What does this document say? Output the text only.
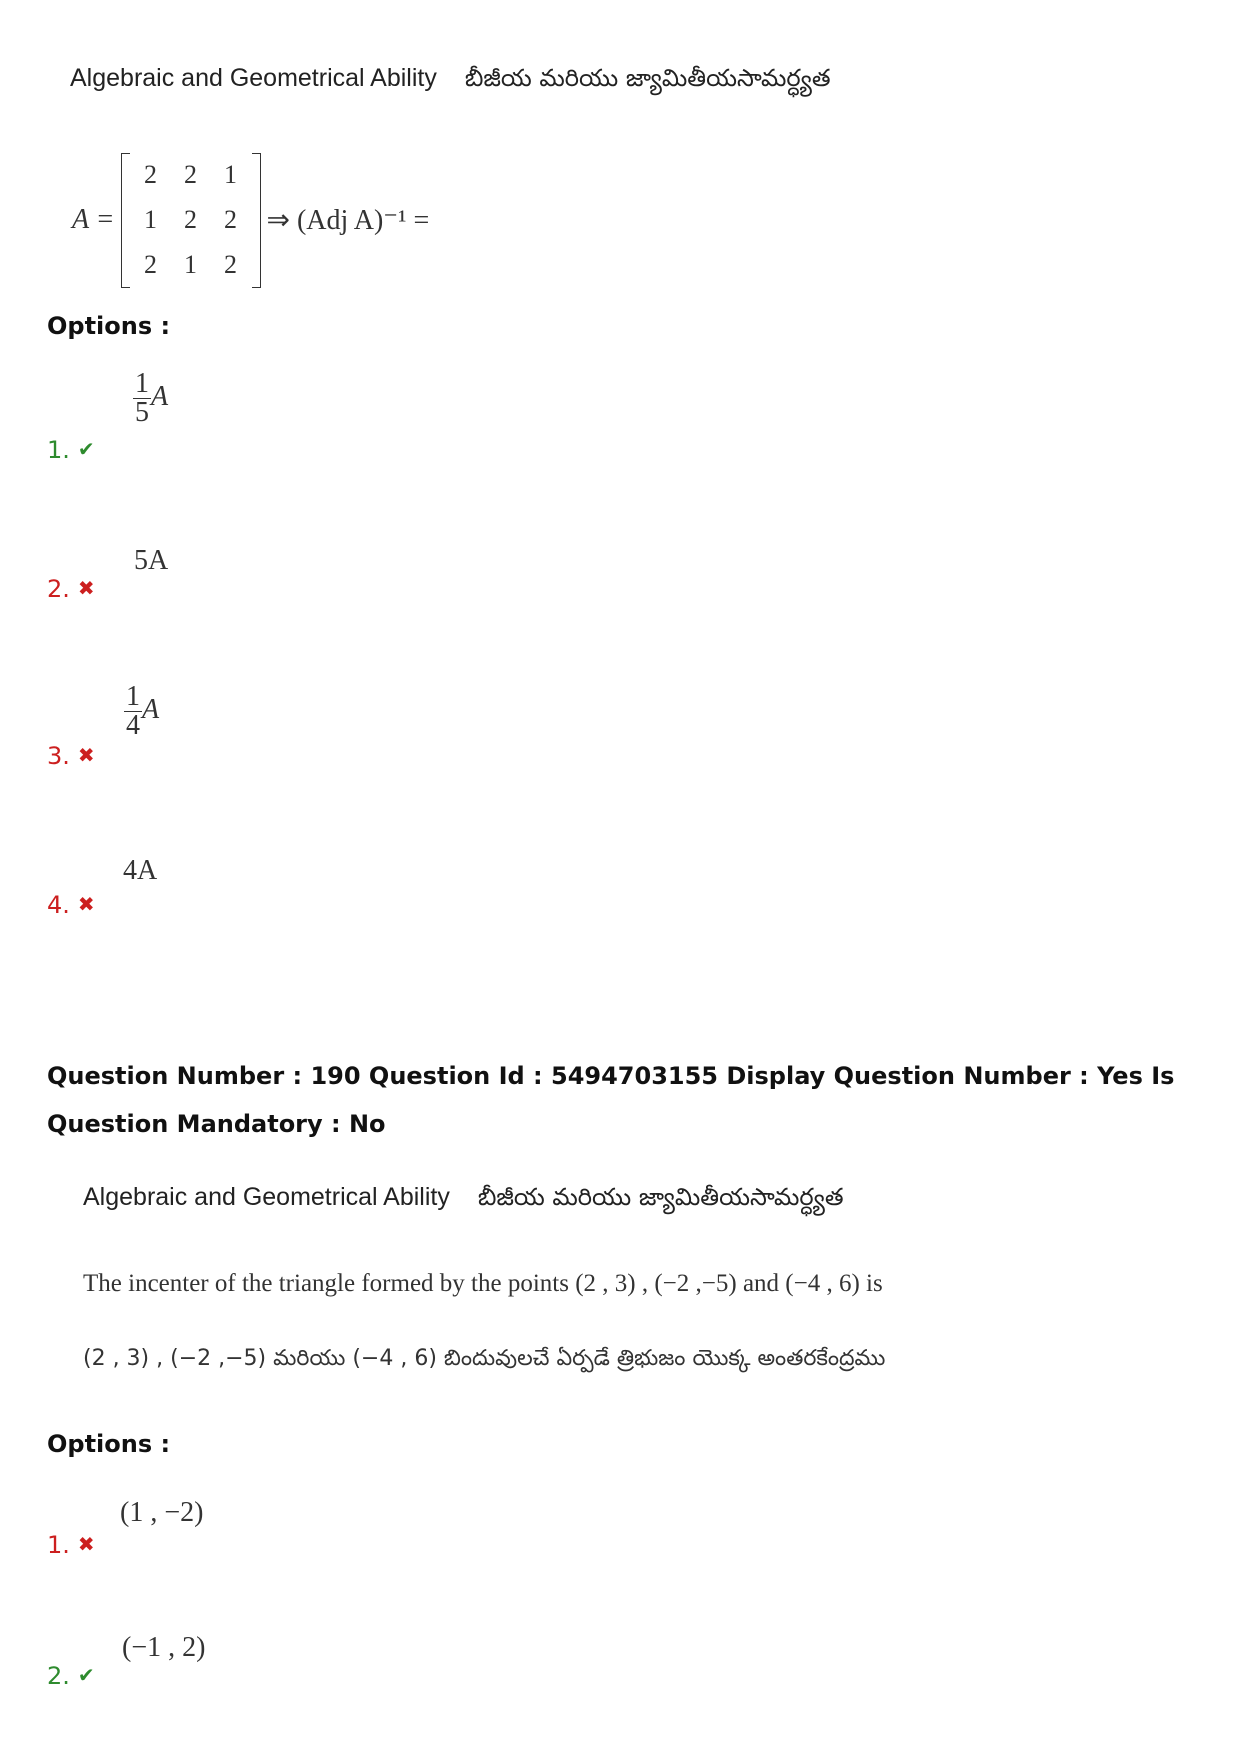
Algebraic and Geometrical Ability బీజీయ మరియు జ్యామితీయసామర్ధ్యత
A =
2	2	1
1	2	2
2	1	2
⇒ (Adj A)⁻¹ =
Options :
1. ✔
$\frac{1}{5}$ A
2. ✖
5A
3. ✖
$\frac{1}{4}$ A
4. ✖
4A
Question Number : 190 Question Id : 5494703155 Display Question Number : Yes Is Question Mandatory : No
Algebraic and Geometrical Ability బీజీయ మరియు జ్యామితీయసామర్ధ్యత
The incenter of the triangle formed by the points (2 , 3) , (−2 ,−5) and (−4 , 6) is
(2 , 3) , (−2 ,−5) మరియు (−4 , 6) బిందువులచే ఏర్పడే త్రిభుజం యొక్క అంతరకేంద్రము
Options :
1. ✖
(1 , −2)
2. ✔
(−1 , 2)
